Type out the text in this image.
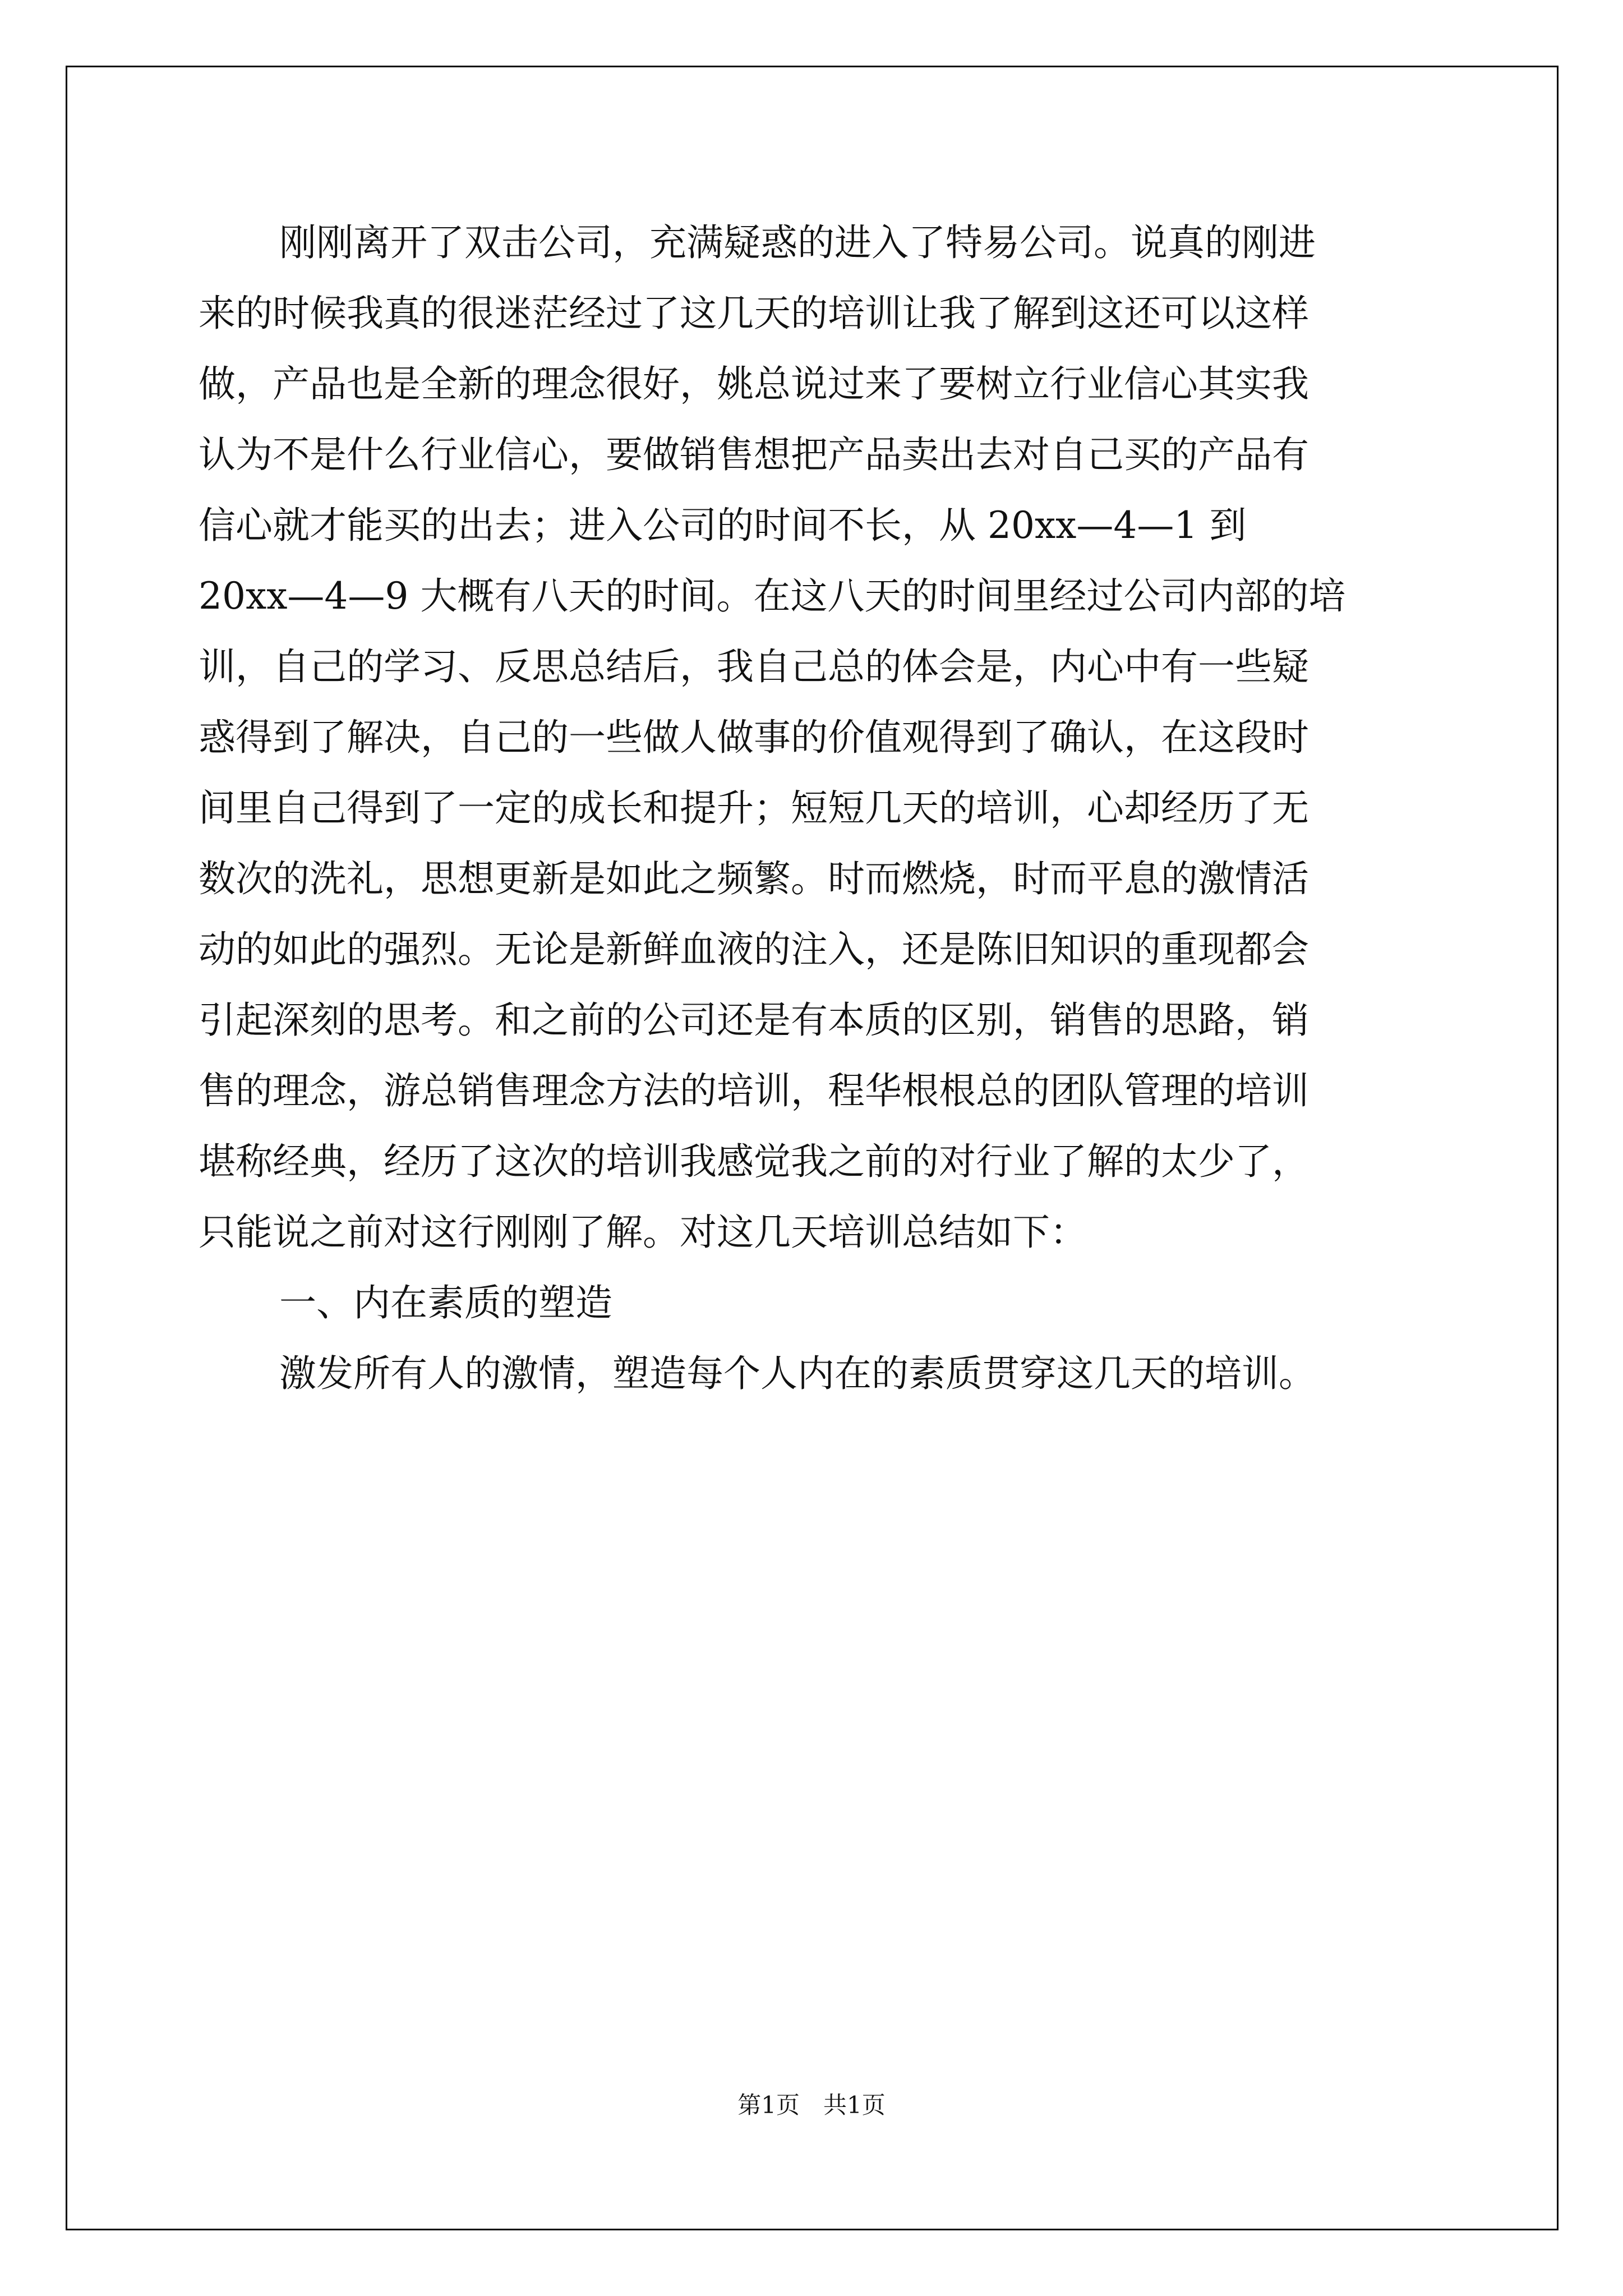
刚刚离开了双击公司，充满疑惑的进入了特易公司。说真的刚进
来的时候我真的很迷茫经过了这几天的培训让我了解到这还可以这样
做，产品也是全新的理念很好，姚总说过来了要树立行业信心其实我
认为不是什么行业信心，要做销售想把产品卖出去对自己买的产品有
信心就才能买的出去；进入公司的时间不长，从 20xx—4—1 到
20xx—4—9 大概有八天的时间。在这八天的时间里经过公司内部的培
训，自己的学习、反思总结后，我自己总的体会是，内心中有一些疑
惑得到了解决，自己的一些做人做事的价值观得到了确认，在这段时
间里自己得到了一定的成长和提升；短短几天的培训，心却经历了无
数次的洗礼，思想更新是如此之频繁。时而燃烧，时而平息的激情活
动的如此的强烈。无论是新鲜血液的注入，还是陈旧知识的重现都会
引起深刻的思考。和之前的公司还是有本质的区别，销售的思路，销
售的理念，游总销售理念方法的培训，程华根根总的团队管理的培训
堪称经典，经历了这次的培训我感觉我之前的对行业了解的太少了，
只能说之前对这行刚刚了解。对这几天培训总结如下：
一、内在素质的塑造
激发所有人的激情，塑造每个人内在的素质贯穿这几天的培训。
第1页　共1页
